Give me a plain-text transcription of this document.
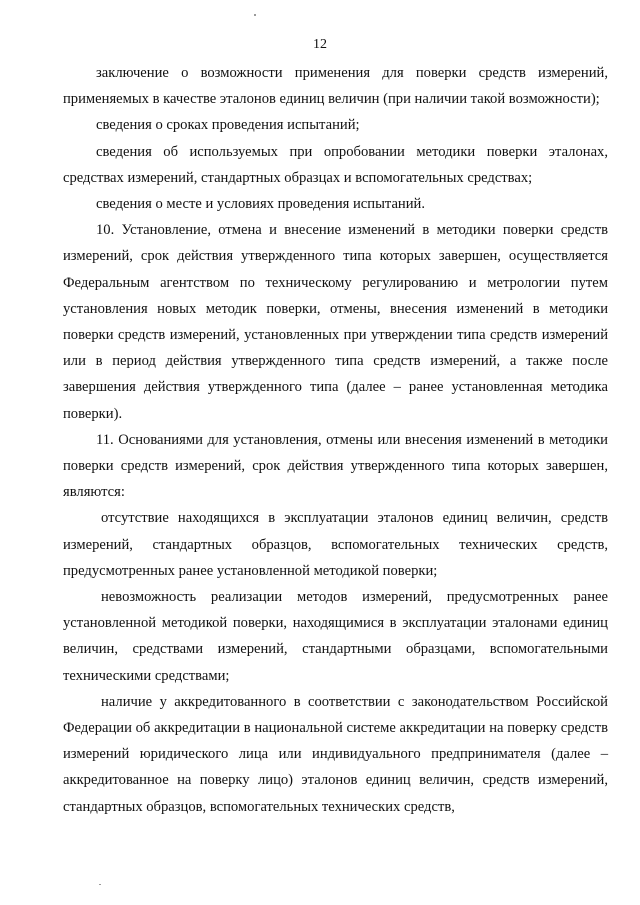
12

заключение о возможности применения для поверки средств измерений, применяемых в качестве эталонов единиц величин (при наличии такой возможности);

сведения о сроках проведения испытаний;

сведения об используемых при опробовании методики поверки эталонах, средствах измерений, стандартных образцах и вспомогательных средствах;

сведения о месте и условиях проведения испытаний.

10. Установление, отмена и внесение изменений в методики поверки средств измерений, срок действия утвержденного типа которых завершен, осуществляется Федеральным агентством по техническому регулированию и метрологии путем установления новых методик поверки, отмены, внесения изменений в методики поверки средств измерений, установленных при утверждении типа средств измерений или в период действия утвержденного типа средств измерений, а также после завершения действия утвержденного типа (далее – ранее установленная методика поверки).

11. Основаниями для установления, отмены или внесения изменений в методики поверки средств измерений, срок действия утвержденного типа которых завершен, являются:

отсутствие находящихся в эксплуатации эталонов единиц величин, средств измерений, стандартных образцов, вспомогательных технических средств, предусмотренных ранее установленной методикой поверки;

невозможность реализации методов измерений, предусмотренных ранее установленной методикой поверки, находящимися в эксплуатации эталонами единиц величин, средствами измерений, стандартными образцами, вспомогательными техническими средствами;

наличие у аккредитованного в соответствии с законодательством Российской Федерации об аккредитации в национальной системе аккредитации на поверку средств измерений юридического лица или индивидуального предпринимателя (далее – аккредитованное на поверку лицо) эталонов единиц величин, средств измерений, стандартных образцов, вспомогательных технических средств,
